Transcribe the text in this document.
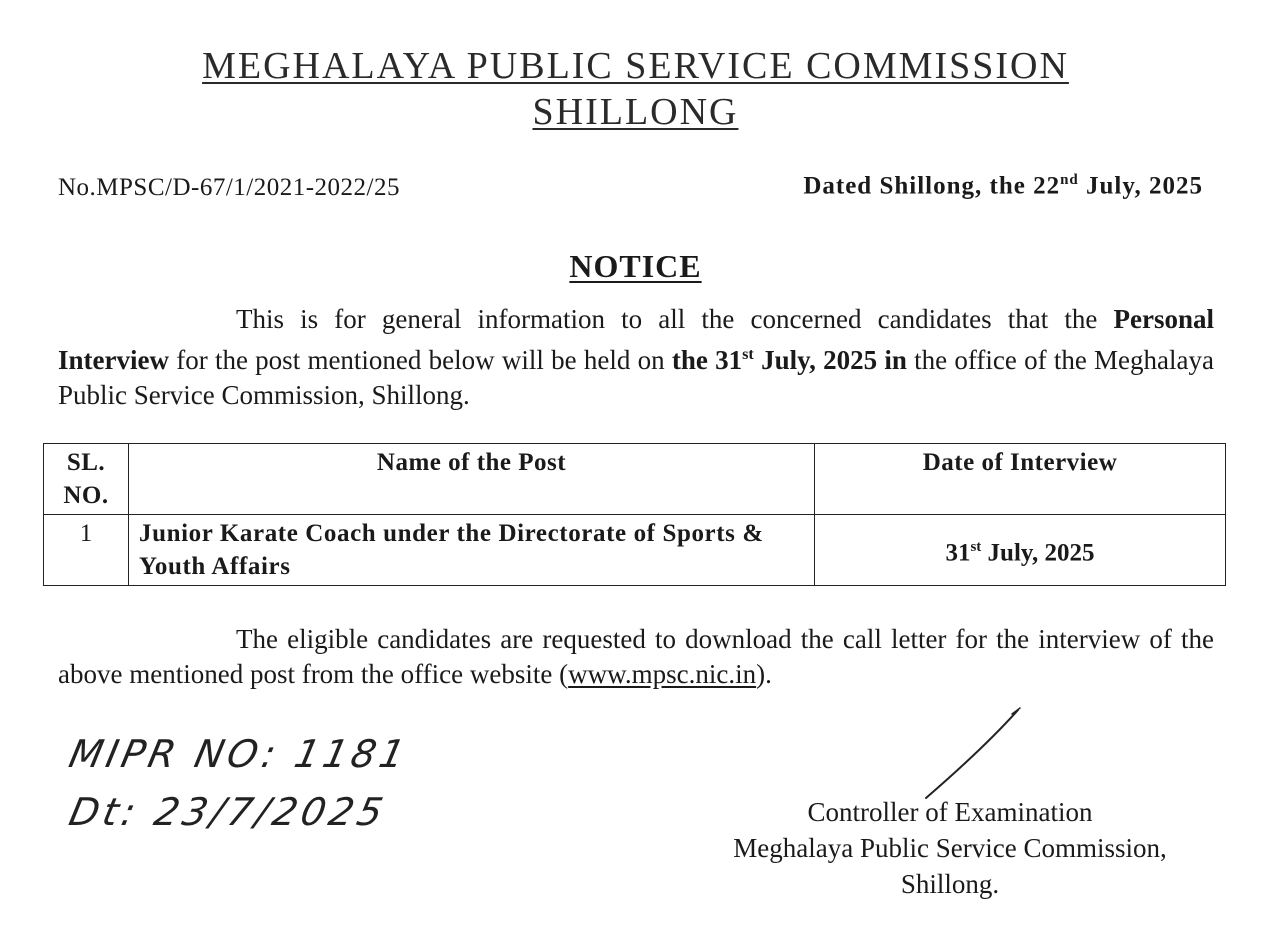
MEGHALAYA PUBLIC SERVICE COMMISSION
SHILLONG
No.MPSC/D-67/1/2021-2022/25	Dated Shillong, the 22nd July, 2025
NOTICE
This is for general information to all the concerned candidates that the Personal Interview for the post mentioned below will be held on the 31st July, 2025 in the office of the Meghalaya Public Service Commission, Shillong.
SL. NO.	Name of the Post	Date of Interview
1	Junior Karate Coach under the Directorate of Sports & Youth Affairs	31st July, 2025
The eligible candidates are requested to download the call letter for the interview of the above mentioned post from the office website (www.mpsc.nic.in).
MIPR NO: 1181
Dt: 23/7/2025	Controller of Examination
Meghalaya Public Service Commission,
Shillong.
